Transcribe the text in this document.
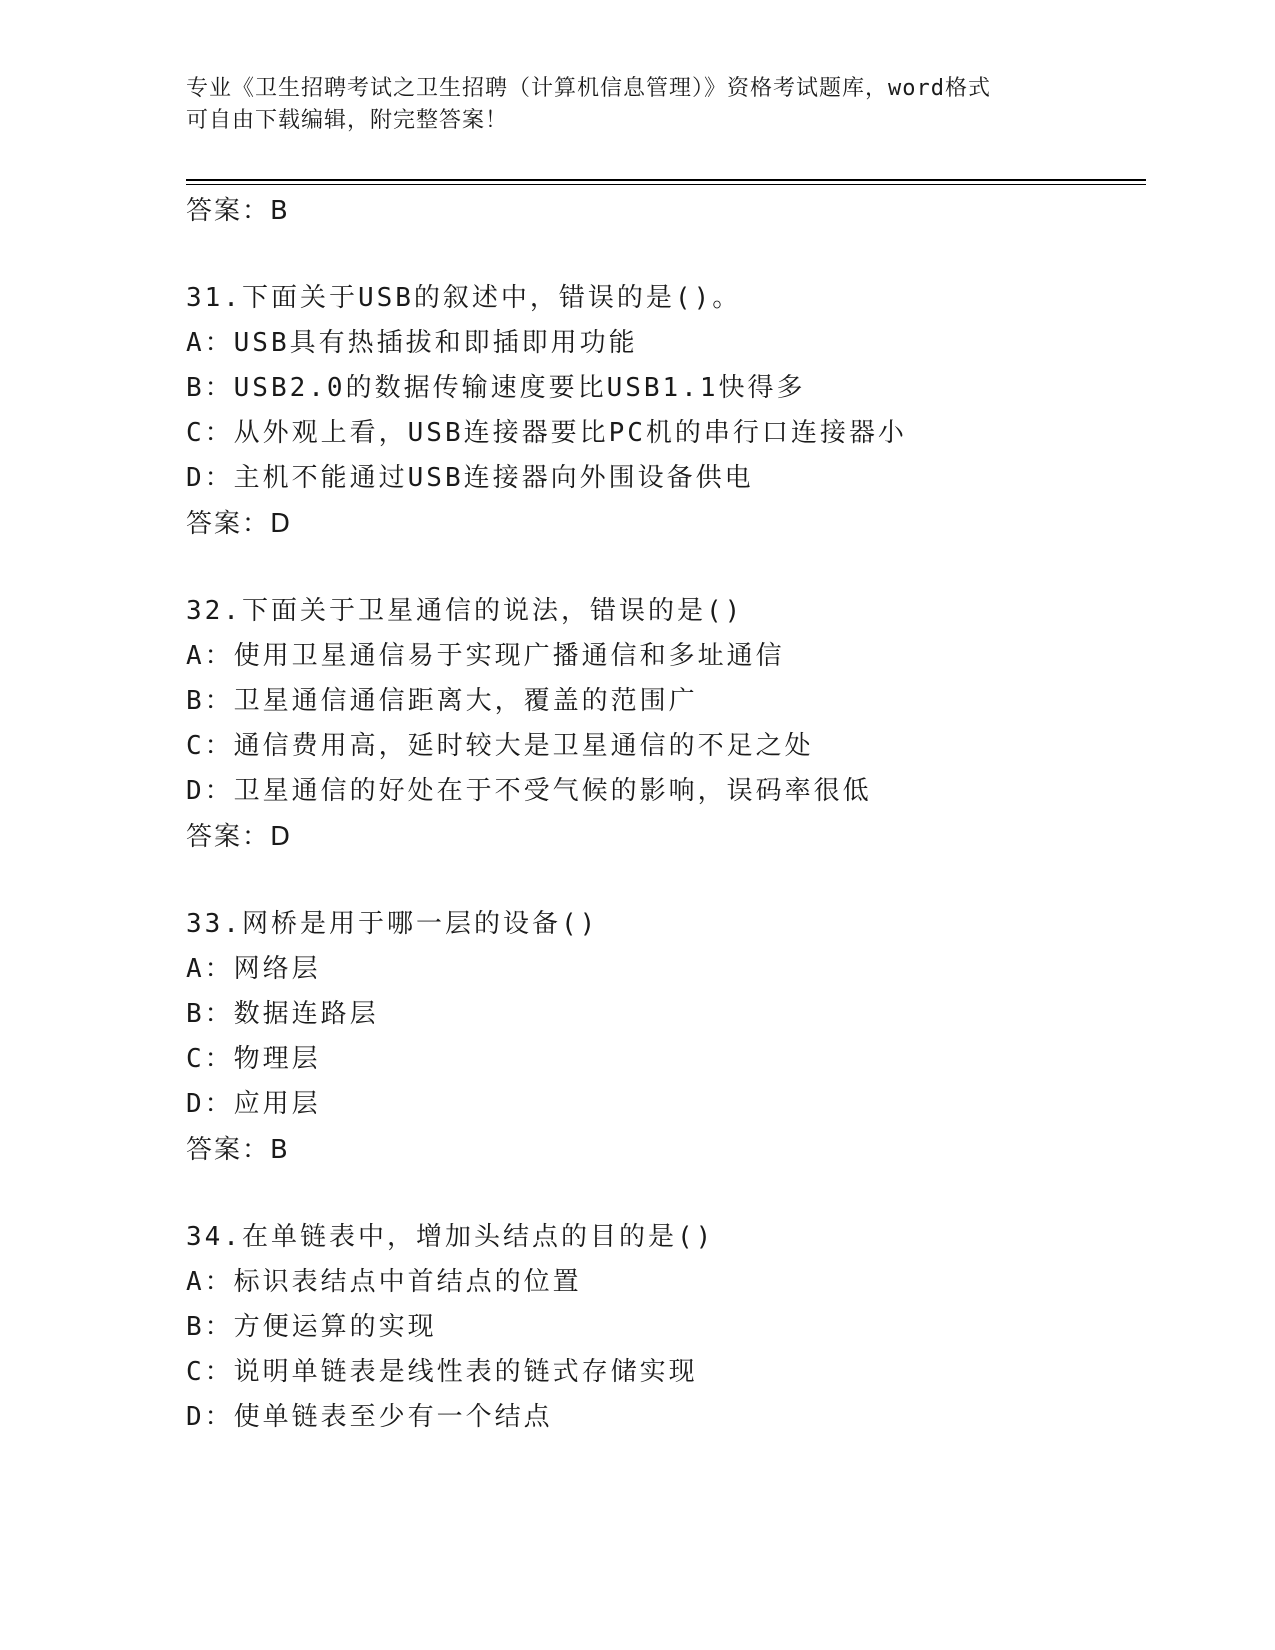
专业《卫生招聘考试之卫生招聘（计算机信息管理）》资格考试题库，word格式
可自由下载编辑，附完整答案！
答案：B
31.下面关于USB的叙述中，错误的是()。
A：USB具有热插拔和即插即用功能
B：USB2.0的数据传输速度要比USB1.1快得多
C：从外观上看，USB连接器要比PC机的串行口连接器小
D：主机不能通过USB连接器向外围设备供电
答案：D
32.下面关于卫星通信的说法，错误的是()
A：使用卫星通信易于实现广播通信和多址通信
B：卫星通信通信距离大，覆盖的范围广
C：通信费用高，延时较大是卫星通信的不足之处
D：卫星通信的好处在于不受气候的影响，误码率很低
答案：D
33.网桥是用于哪一层的设备()
A：网络层
B：数据连路层
C：物理层
D：应用层
答案：B
34.在单链表中，增加头结点的目的是()
A：标识表结点中首结点的位置
B：方便运算的实现
C：说明单链表是线性表的链式存储实现
D：使单链表至少有一个结点
